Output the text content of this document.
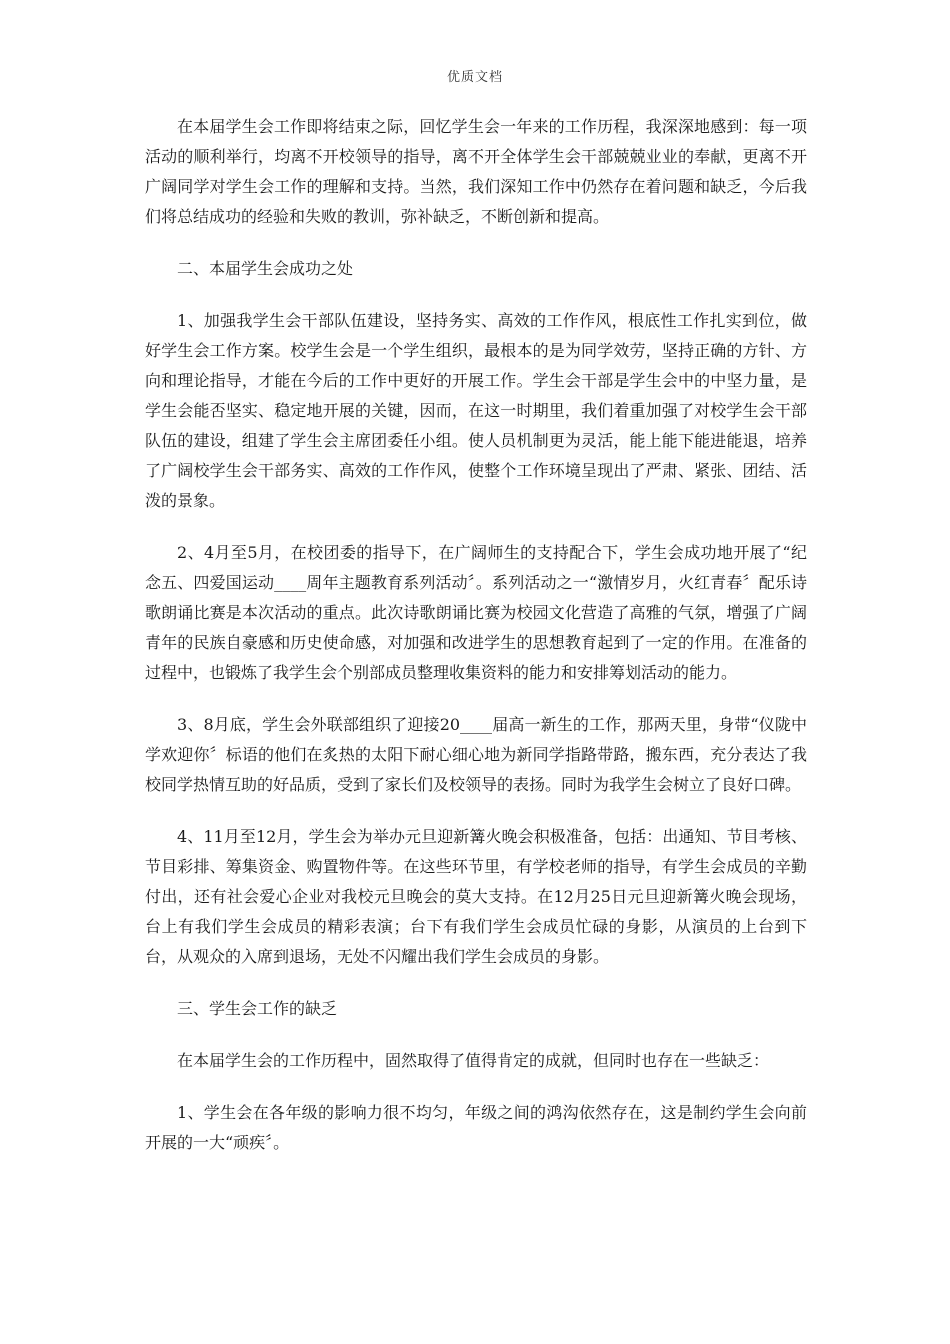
优质文档

在本届学生会工作即将结束之际，回忆学生会一年来的工作历程，我深深地感到：每一项活动的顺利举行，均离不开校领导的指导，离不开全体学生会干部兢兢业业的奉献，更离不开广阔同学对学生会工作的理解和支持。当然，我们深知工作中仍然存在着问题和缺乏，今后我们将总结成功的经验和失败的教训，弥补缺乏，不断创新和提高。

二、本届学生会成功之处

1、加强我学生会干部队伍建设，坚持务实、高效的工作作风，根底性工作扎实到位，做好学生会工作方案。校学生会是一个学生组织，最根本的是为同学效劳，坚持正确的方针、方向和理论指导，才能在今后的工作中更好的开展工作。学生会干部是学生会中的中坚力量，是学生会能否坚实、稳定地开展的关键，因而，在这一时期里，我们着重加强了对校学生会干部队伍的建设，组建了学生会主席团委任小组。使人员机制更为灵活，能上能下能进能退，培养了广阔校学生会干部务实、高效的工作作风，使整个工作环境呈现出了严肃、紧张、团结、活泼的景象。

2、4月至5月，在校团委的指导下，在广阔师生的支持配合下，学生会成功地开展了“纪念五、四爱国运动____周年主题教育系列活动〞。系列活动之一“激情岁月，火红青春〞配乐诗歌朗诵比赛是本次活动的重点。此次诗歌朗诵比赛为校园文化营造了高雅的气氛，增强了广阔青年的民族自豪感和历史使命感，对加强和改进学生的思想教育起到了一定的作用。在准备的过程中，也锻炼了我学生会个别部成员整理收集资料的能力和安排筹划活动的能力。

3、8月底，学生会外联部组织了迎接20____届高一新生的工作，那两天里，身带“仪陇中学欢迎你〞标语的他们在炙热的太阳下耐心细心地为新同学指路带路，搬东西，充分表达了我校同学热情互助的好品质，受到了家长们及校领导的表扬。同时为我学生会树立了良好口碑。

4、11月至12月，学生会为举办元旦迎新篝火晚会积极准备，包括：出通知、节目考核、节目彩排、筹集资金、购置物件等。在这些环节里，有学校老师的指导，有学生会成员的辛勤付出，还有社会爱心企业对我校元旦晚会的莫大支持。在12月25日元旦迎新篝火晚会现场，台上有我们学生会成员的精彩表演；台下有我们学生会成员忙碌的身影，从演员的上台到下台，从观众的入席到退场，无处不闪耀出我们学生会成员的身影。

三、学生会工作的缺乏

在本届学生会的工作历程中，固然取得了值得肯定的成就，但同时也存在一些缺乏：

1、学生会在各年级的影响力很不均匀，年级之间的鸿沟依然存在，这是制约学生会向前开展的一大“顽疾〞。
